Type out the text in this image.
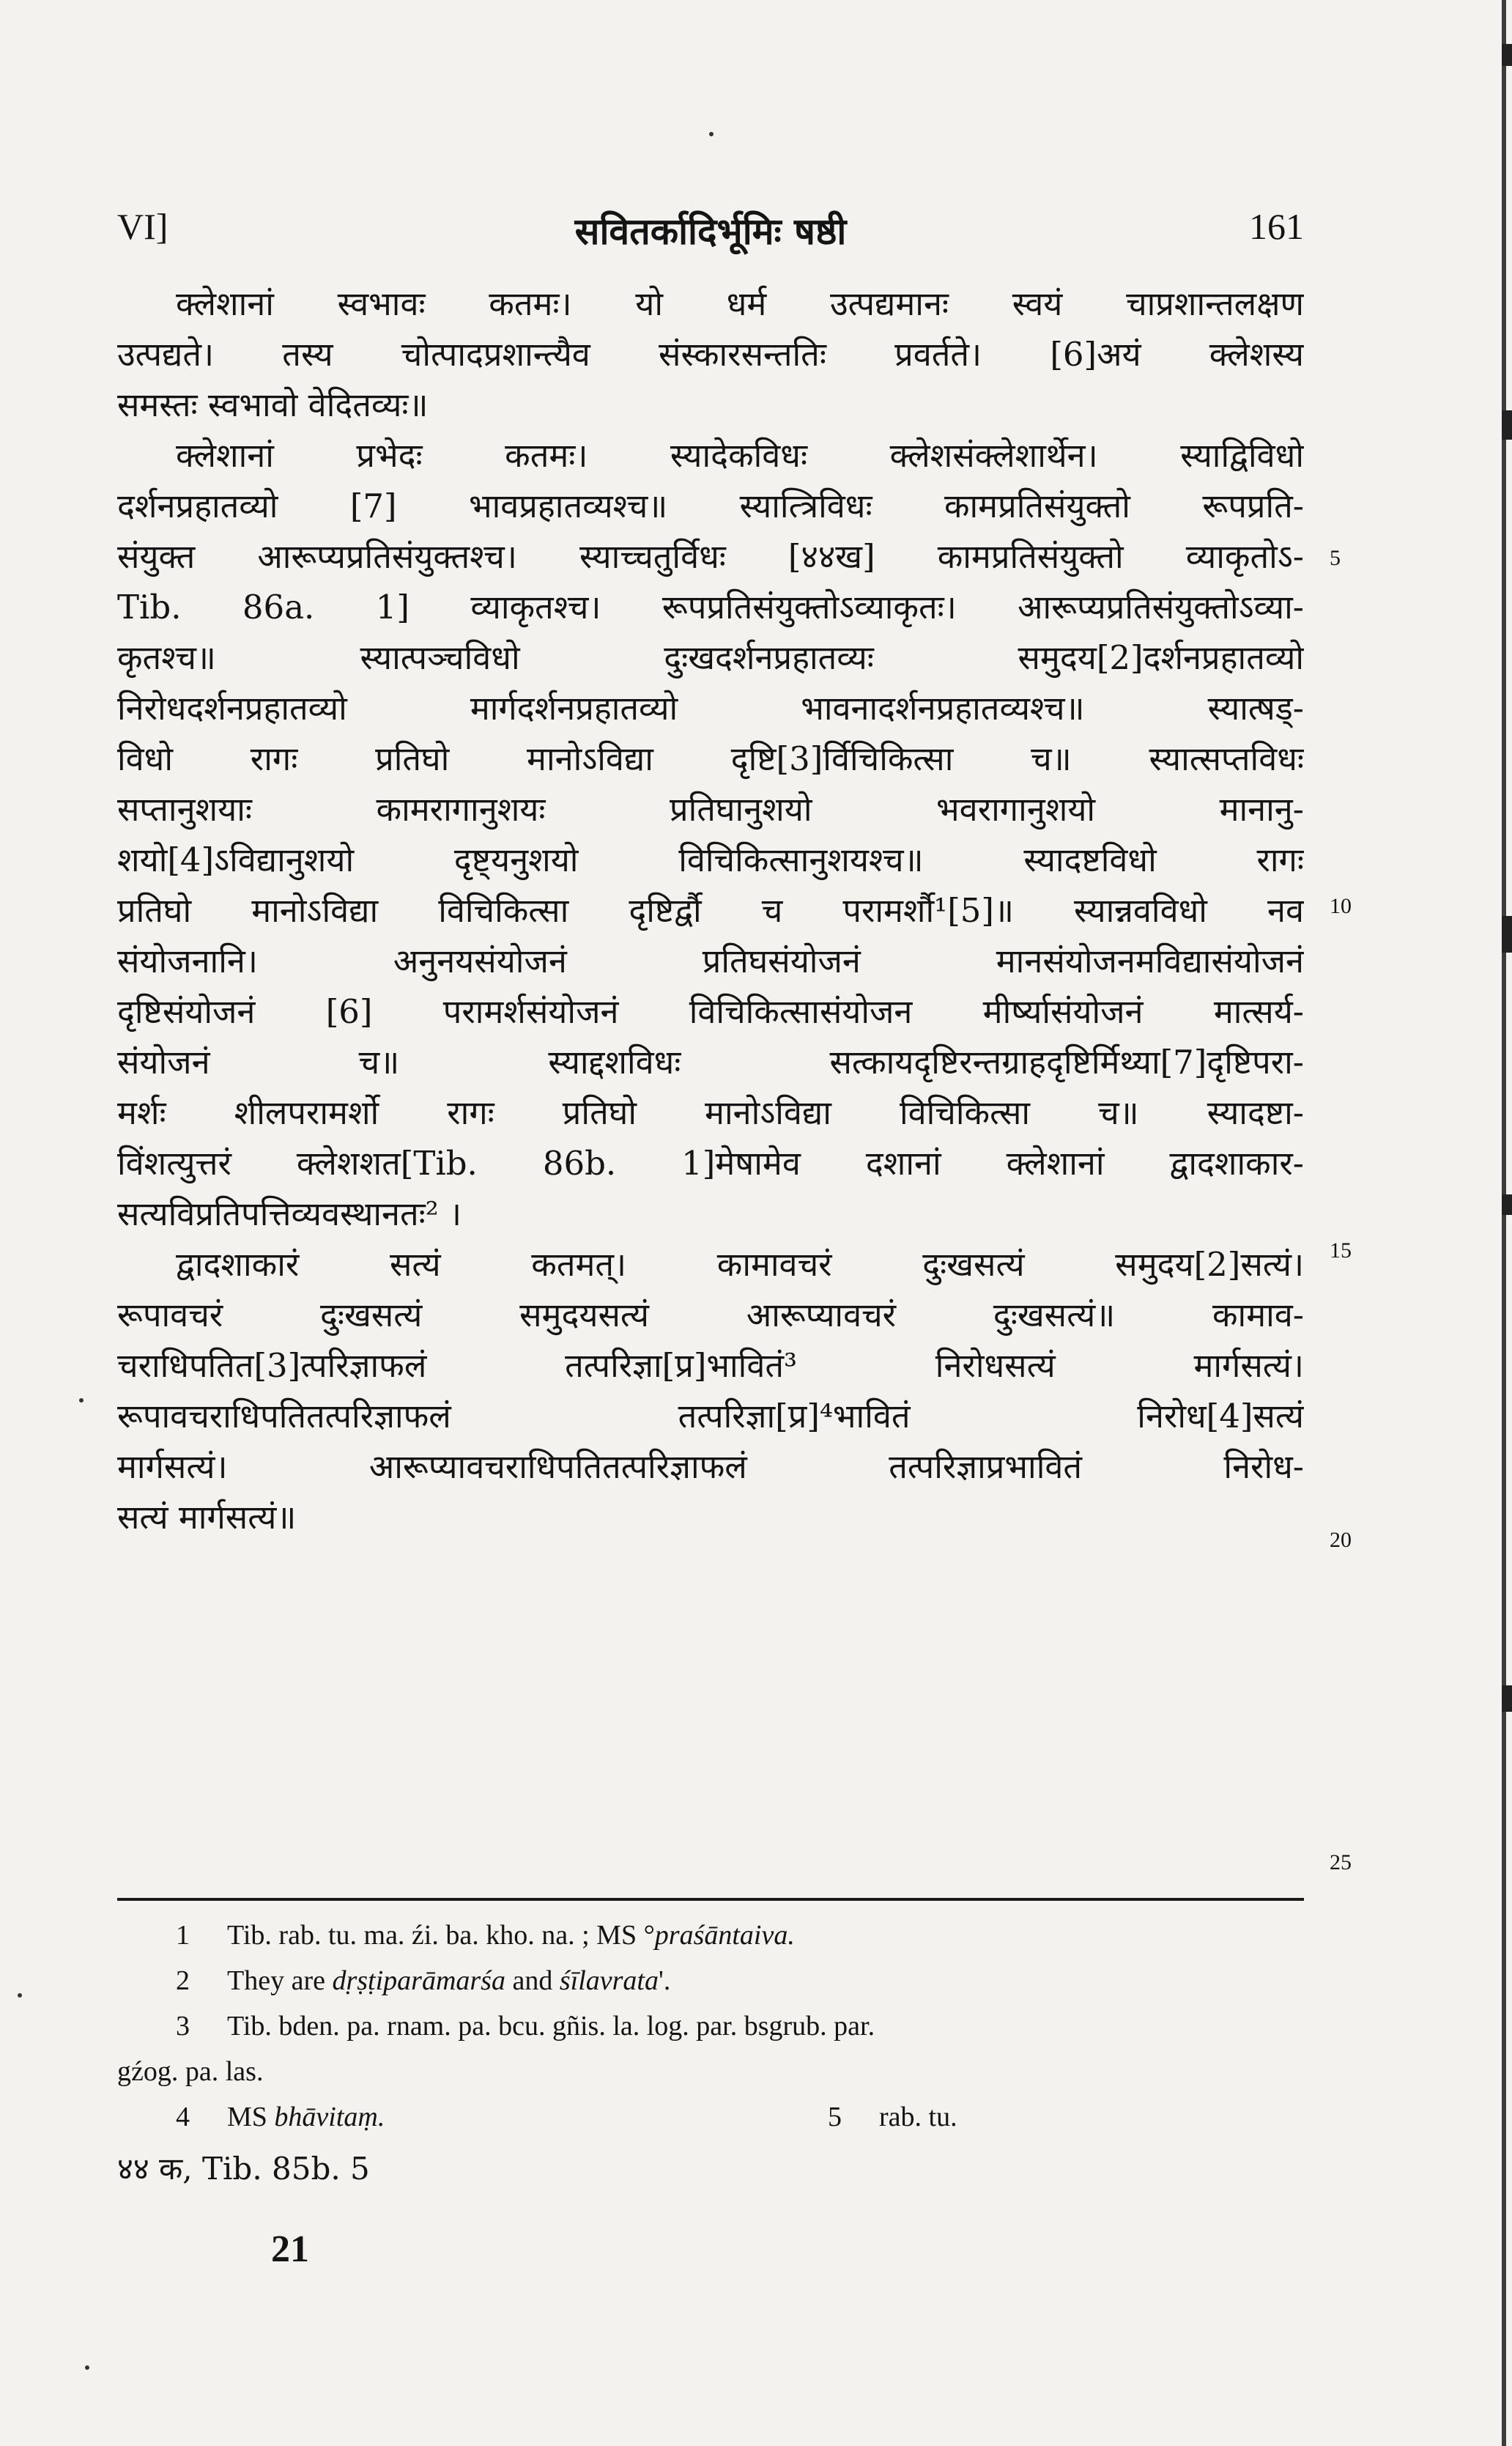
VI]	सवितर्कादिर्भूमिः षष्ठी	161
क्लेशानां स्वभावः कतमः। यो धर्म उत्पद्यमानः स्वयं चाप्रशान्तलक्षण
उत्पद्यते। तस्य चोत्पादप्रशान्त्यैव संस्कारसन्ततिः प्रवर्तते। [6]अयं क्लेशस्य
समस्तः स्वभावो वेदितव्यः॥
क्लेशानां प्रभेदः कतमः। स्यादेकविधः क्लेशसंक्लेशार्थेन। स्याद्विविधो
दर्शनप्रहातव्यो [7] भावप्रहातव्यश्च॥ स्यात्त्रिविधः कामप्रतिसंयुक्तो रूपप्रति-
संयुक्त आरूप्यप्रतिसंयुक्तश्च। स्याच्चतुर्विधः [४४ख] कामप्रतिसंयुक्तो व्याकृतोऽ-
Tib. 86a. 1] व्याकृतश्च। रूपप्रतिसंयुक्तोऽव्याकृतः। आरूप्यप्रतिसंयुक्तोऽव्या-
कृतश्च॥ स्यात्पञ्चविधो दुःखदर्शनप्रहातव्यः समुदय[2]दर्शनप्रहातव्यो
निरोधदर्शनप्रहातव्यो मार्गदर्शनप्रहातव्यो भावनादर्शनप्रहातव्यश्च॥ स्यात्षड्-
विधो रागः प्रतिघो मानोऽविद्या दृष्टि[3]र्विचिकित्सा च॥ स्यात्सप्तविधः
सप्तानुशयाः कामरागानुशयः प्रतिघानुशयो भवरागानुशयो मानानु-
शयो[4]ऽविद्यानुशयो दृष्ट्यनुशयो विचिकित्सानुशयश्च॥ स्यादष्टविधो रागः
प्रतिघो मानोऽविद्या विचिकित्सा दृष्टिर्द्वौ च परामर्शौ¹[5]॥ स्यान्नवविधो नव
संयोजनानि। अनुनयसंयोजनं प्रतिघसंयोजनं मानसंयोजनमविद्यासंयोजनं
दृष्टिसंयोजनं [6] परामर्शसंयोजनं विचिकित्सासंयोजन मीर्ष्यासंयोजनं मात्सर्य-
संयोजनं च॥ स्याद्दशविधः सत्कायदृष्टिरन्तग्राहदृष्टिर्मिथ्या[7]दृष्टिपरा-
मर्शः शीलपरामर्शो रागः प्रतिघो मानोऽविद्या विचिकित्सा च॥ स्यादष्टा-
विंशत्युत्तरं क्लेशशत[Tib. 86b. 1]मेषामेव दशानां क्लेशानां द्वादशाकार-
सत्यविप्रतिपत्तिव्यवस्थानतः² ।
द्वादशाकारं सत्यं कतमत्। कामावचरं दुःखसत्यं समुदय[2]सत्यं।
रूपावचरं दुःखसत्यं समुदयसत्यं आरूप्यावचरं दुःखसत्यं॥ कामाव-
चराधिपतित[3]त्परिज्ञाफलं तत्परिज्ञा[प्र]भावितं³ निरोधसत्यं मार्गसत्यं।
रूपावचराधिपतितत्परिज्ञाफलं तत्परिज्ञा[प्र]⁴भावितं निरोध[4]सत्यं
मार्गसत्यं। आरूप्यावचराधिपतितत्परिज्ञाफलं तत्परिज्ञाप्रभावितं निरोध-
सत्यं मार्गसत्यं॥
5
10
15
20
25
1 Tib. rab. tu. ma. źi. ba. kho. na. ; MS °praśāntaiva.
2 They are dṛṣṭiparāmarśa and śīlavrata'.
3 Tib. bden. pa. rnam. pa. bcu. gñis. la. log. par. bsgrub. par.
gźog. pa. las.
4 MS bhāvitaṃ.	5 rab. tu.
४४ क, Tib. 85b. 5
21
